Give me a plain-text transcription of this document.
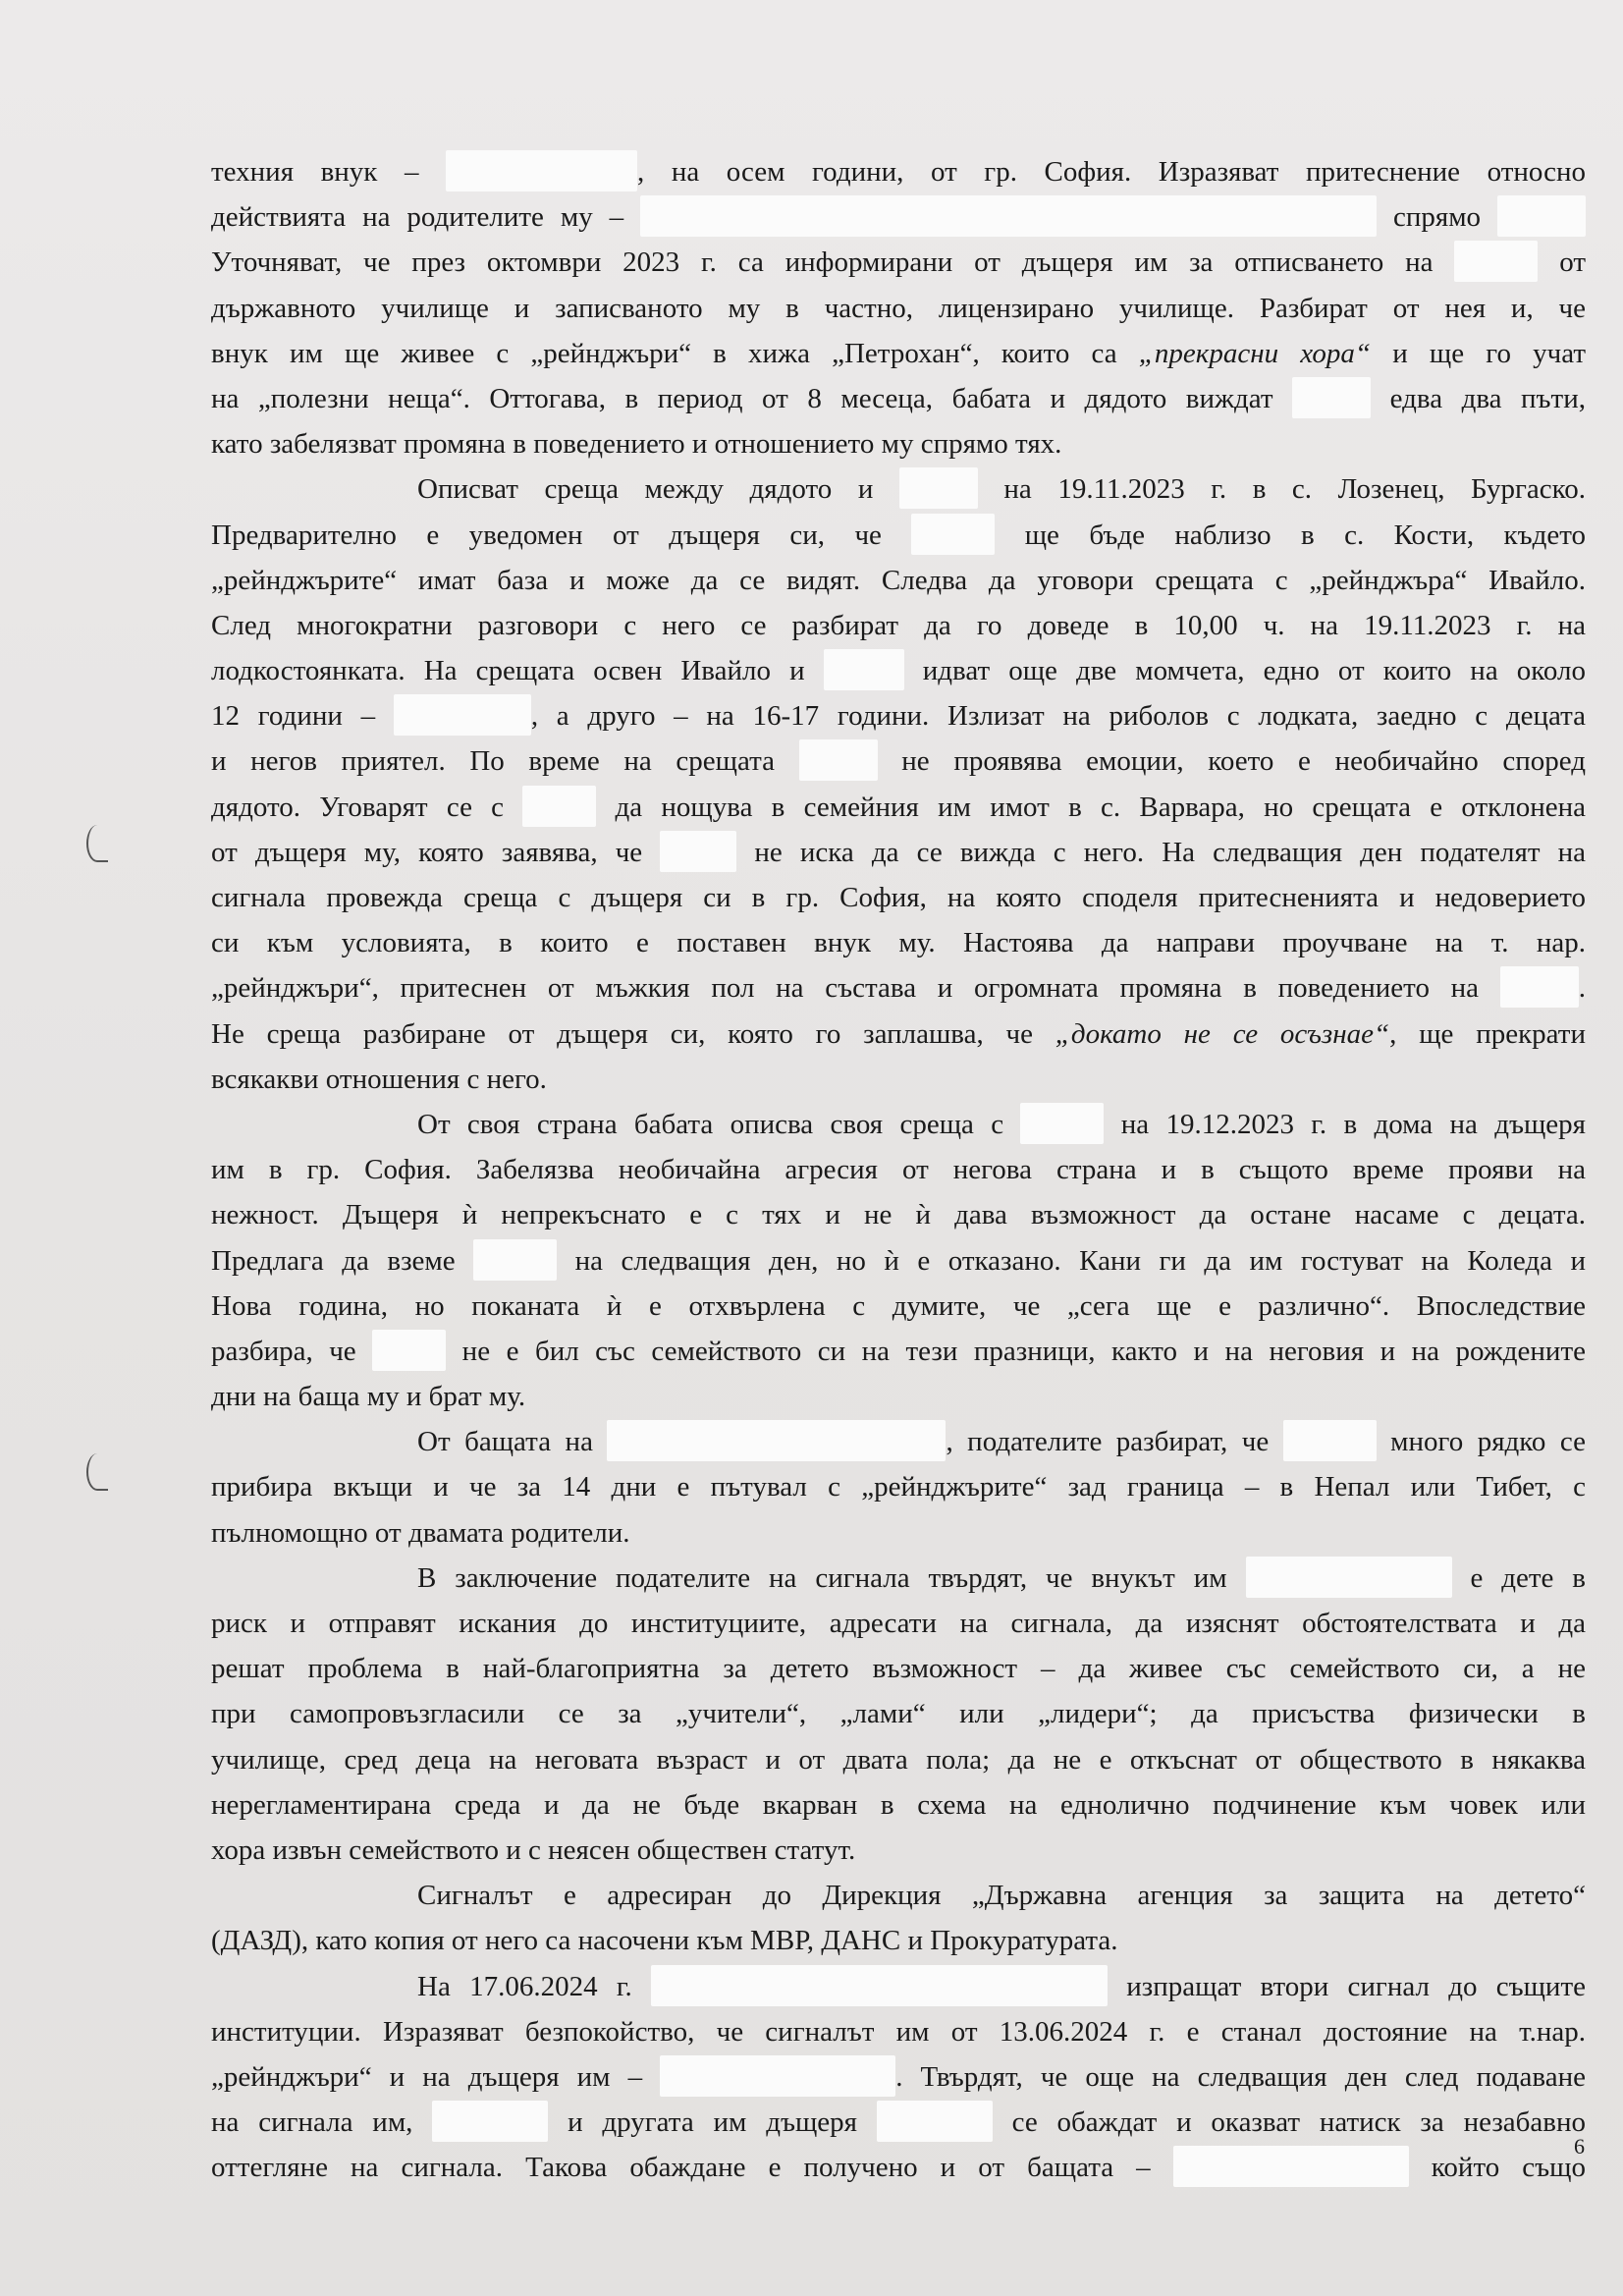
техния внук –	, на осем години, от гр. София. Изразяват притеснение относно
действията на родителите му –	спрямо
Уточняват, че през октомври 2023 г. са информирани от дъщеря им за отписването на	от
държавното училище и записваното му в частно, лицензирано училище. Разбират от нея и, че
внук им ще живее с „рейнджъри“ в хижа „Петрохан“, които са „прекрасни хора“ и ще го учат
на „полезни неща“. Оттогава, в период от 8 месеца, бабата и дядото виждат	едва два пъти,
като забелязват промяна в поведението и отношението му спрямо тях.
Описват среща между дядото и	на 19.11.2023 г. в с. Лозенец, Бургаско.
Предварително е уведомен от дъщеря си, че	ще бъде наблизо в с. Кости, където
„рейнджърите“ имат база и може да се видят. Следва да уговори срещата с „рейнджъра“ Ивайло.
След многократни разговори с него се разбират да го доведе в 10,00 ч. на 19.11.2023 г. на
лодкостоянката. На срещата освен Ивайло и	идват още две момчета, едно от които на около
12 години –	, а друго – на 16-17 години. Излизат на риболов с лодката, заедно с децата
и негов приятел. По време на срещата	не проявява емоции, което е необичайно според
дядото. Уговарят се с	да нощува в семейния им имот в с. Варвара, но срещата е отклонена
от дъщеря му, която заявява, че	не иска да се вижда с него. На следващия ден подателят на
сигнала провежда среща с дъщеря си в гр. София, на която споделя притесненията и недоверието
си към условията, в които е поставен внук му. Настоява да направи проучване на т. нар.
„рейнджъри“, притеснен от мъжкия пол на състава и огромната промяна в поведението на	.
Не среща разбиране от дъщеря си, която го заплашва, че „докато не се осъзнае“, ще прекрати
всякакви отношения с него.
От своя страна бабата описва своя среща с	на 19.12.2023 г. в дома на дъщеря
им в гр. София. Забелязва необичайна агресия от негова страна и в същото време прояви на
нежност. Дъщеря ѝ непрекъснато е с тях и не ѝ дава възможност да остане насаме с децата.
Предлага да вземе	на следващия ден, но ѝ е отказано. Кани ги да им гостуват на Коледа и
Нова година, но поканата ѝ е отхвърлена с думите, че „сега ще е различно“. Впоследствие
разбира, че	не е бил със семейството си на тези празници, както и на неговия и на рождените
дни на баща му и брат му.
От бащата на	, подателите разбират, че	много рядко се
прибира вкъщи и че за 14 дни е пътувал с „рейнджърите“ зад граница – в Непал или Тибет, с
пълномощно от двамата родители.
В заключение подателите на сигнала твърдят, че внукът им	е дете в
риск и отправят искания до институциите, адресати на сигнала, да изяснят обстоятелствата и да
решат проблема в най-благоприятна за детето възможност – да живее със семейството си, а не
при самопровъзгласили се за „учители“, „лами“ или „лидери“; да присъства физически в
училище, сред деца на неговата възраст и от двата пола; да не е откъснат от обществото в някаква
нерегламентирана среда и да не бъде вкарван в схема на еднолично подчинение към човек или
хора извън семейството и с неясен обществен статут.
Сигналът е адресиран до Дирекция „Държавна агенция за защита на детето“
(ДАЗД), като копия от него са насочени към МВР, ДАНС и Прокуратурата.
На 17.06.2024 г.	изпращат втори сигнал до същите
институции. Изразяват безпокойство, че сигналът им от 13.06.2024 г. е станал достояние на т.нар.
„рейнджъри“ и на дъщеря им –	. Твърдят, че още на следващия ден след подаване
на сигнала им,	и другата им дъщеря	се обаждат и оказват натиск за незабавно
оттегляне на сигнала. Такова обаждане е получено и от бащата –	който също
6
